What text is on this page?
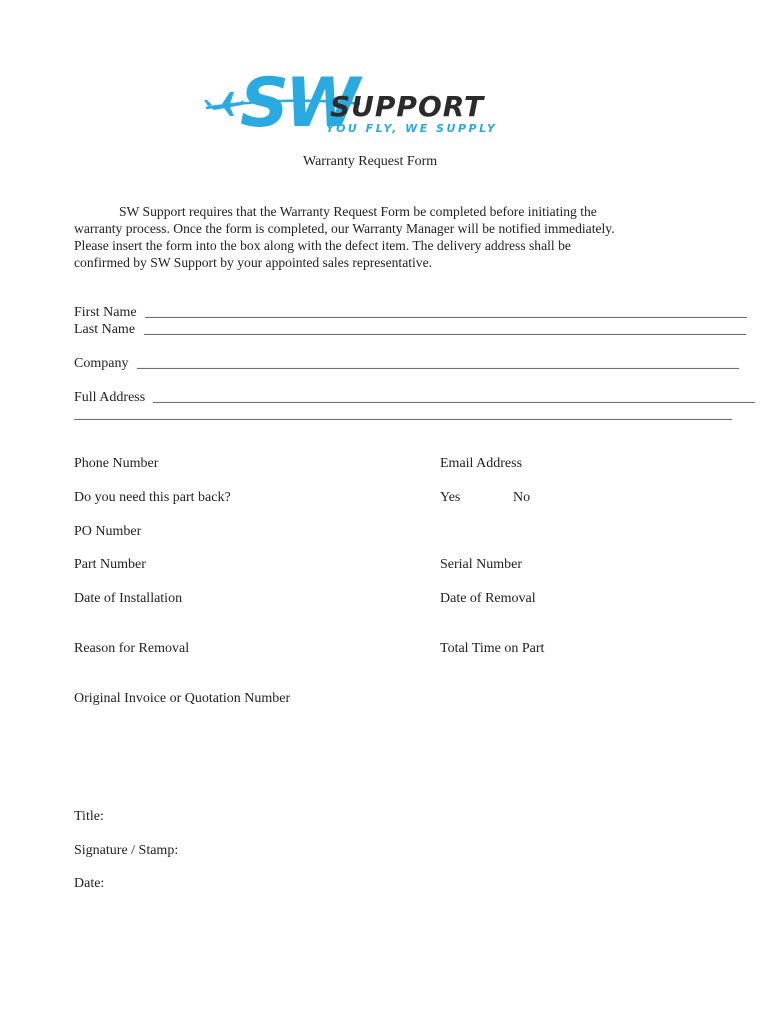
SW
SUPPORT
YOU FLY, WE SUPPLY
Warranty Request Form

SW Support requires that the Warranty Request Form be completed before initiating the

warranty process. Once the form is completed, our Warranty Manager will be notified immediately.

Please insert the form into the box along with the defect item. The delivery address shall be

confirmed by SW Support by your appointed sales representative.

First Name ______________________________________________________________________________________
Last Name ______________________________________________________________________________________
Company ______________________________________________________________________________________
Full Address ______________________________________________________________________________________
______________________________________________________________________________________________
Phone Number	Email Address
Do you need this part back?	Yes	No
PO Number
Part Number	Serial Number
Date of Installation	Date of Removal
Reason for Removal	Total Time on Part
Original Invoice or Quotation Number
Title:
Signature / Stamp:
Date:
